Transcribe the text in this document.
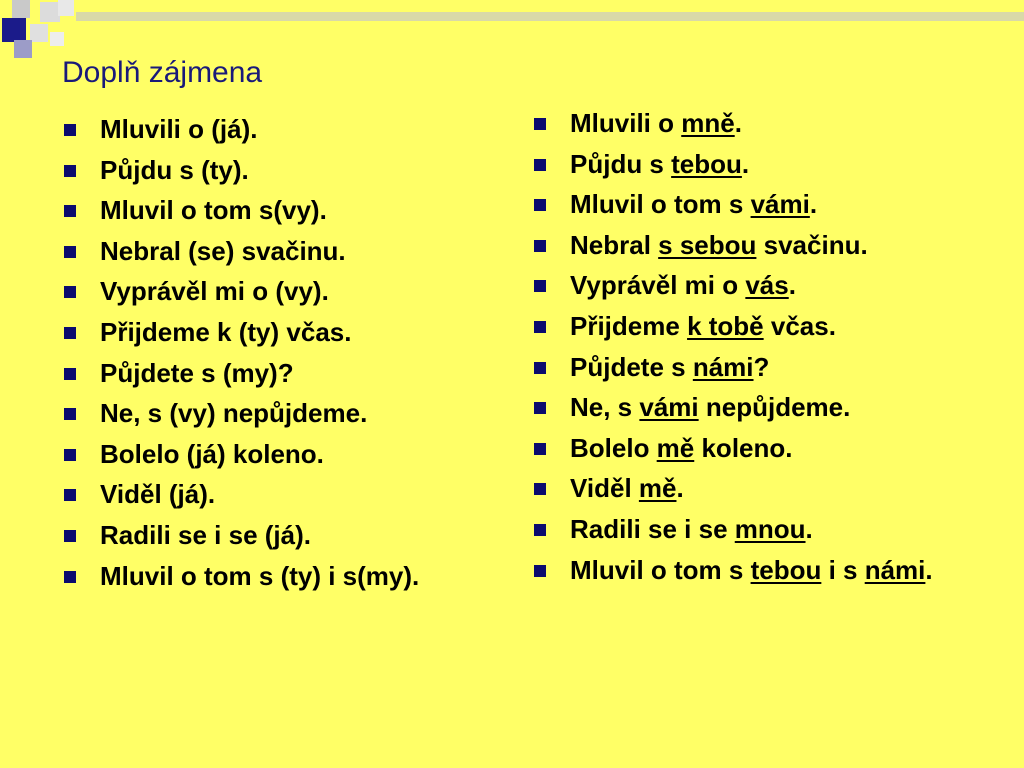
Doplň zájmena
Mluvili o (já).
Půjdu s (ty).
Mluvil o tom s(vy).
Nebral (se) svačinu.
Vyprávěl mi o (vy).
Přijdeme k (ty) včas.
Půjdete s (my)?
Ne, s (vy) nepůjdeme.
Bolelo (já) koleno.
Viděl (já).
Radili se i se (já).
Mluvil o tom s (ty) i s(my).
Mluvili o mně.
Půjdu s tebou.
Mluvil o tom s vámi.
Nebral s sebou svačinu.
Vyprávěl mi o vás.
Přijdeme k tobě včas.
Půjdete s námi?
Ne, s vámi nepůjdeme.
Bolelo mě koleno.
Viděl mě.
Radili se i se mnou.
Mluvil o tom s tebou i s námi.
